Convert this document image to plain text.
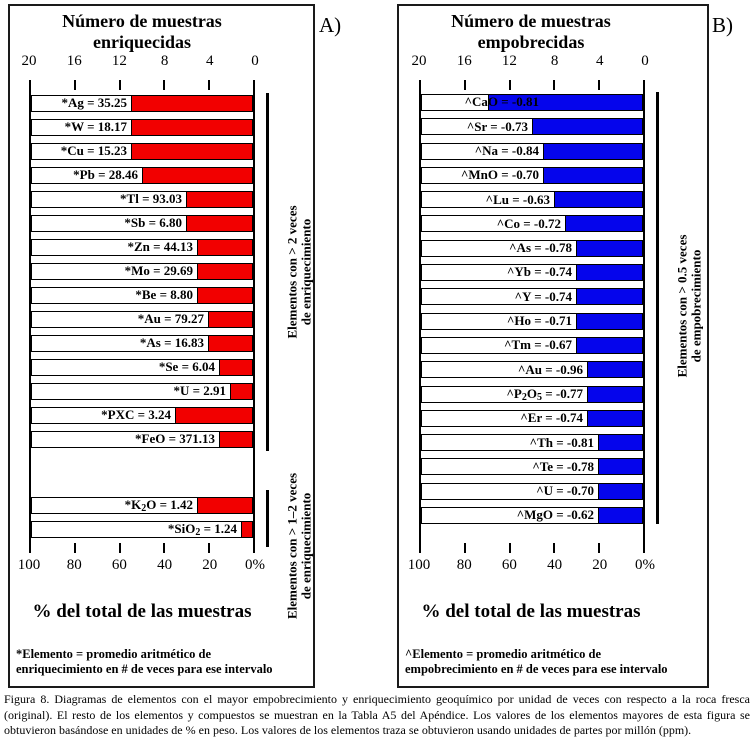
Número de muestras
enriquecidas
20 16 12 8	4	0
*Ag = 35.25
*W = 18.17
*Cu = 15.23
*Pb = 28.46
*Tl = 93.03
*Sb = 6.80
*Zn = 44.13
*Mo = 29.69
*Be = 8.80
*Au = 79.27
*As = 16.83
*Se = 6.04
*U = 2.91
*PXC = 3.24
*FeO = 371.13
$*K_2O = 1.42$
*SiO$_2$ = 1.24
100 80 60 40 20 0%
% del total de las muestras
*Elemento = promedio aritmético de
enriquecimiento en # de veces para ese intervalo
Elementos con > 2 veces
de enriquecimiento
Elementos con > 1–2 veces
de enriquecimiento
A)	Número de muestras
empobrecidas
20 16 12 8	4	0
^CaO = -0.81
^Sr = -0.73
^Na = -0.84
^MnO = -0.70
^Lu = -0.63
^Co = -0.72
^As = -0.78
^Yb = -0.74
^Y = -0.74
^Ho = -0.71
^Tm = -0.67
^Au = -0.96
$\^{}P_2O_5 = -0.77$
^Er = -0.74
^Th = -0.81
^Te = -0.78
^U = -0.70
^MgO = -0.62
100 80 60 40 20 0%
% del total de las muestras
^Elemento = promedio aritmético de
empobrecimiento en # de veces para ese intervalo
Elementos con > 0.5 veces
de empobrecimiento
B)
Figura 8. Diagramas de elementos con el mayor empobrecimiento y enriquecimiento geoquímico por unidad de veces con respecto a la roca fresca (original). El resto de los elementos y compuestos se muestran en la Tabla A5 del Apéndice. Los valores de los elementos mayores de esta figura se obtuvieron basándose en unidades de % en peso. Los valores de los elementos traza se obtuvieron usando unidades de partes por millón (ppm).
